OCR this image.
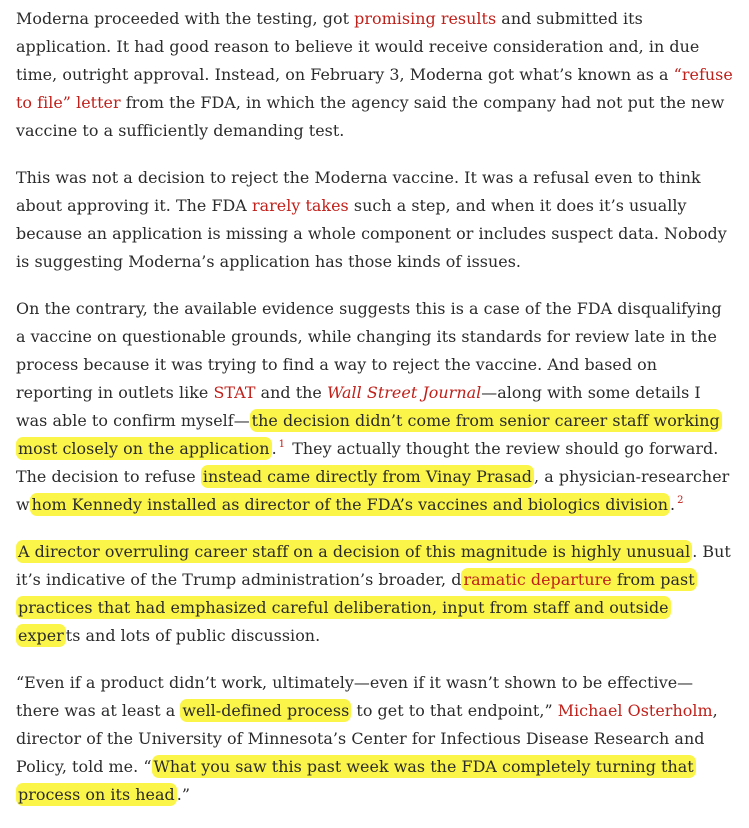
Moderna proceeded with the testing, got promising results and submitted its application. It had good reason to believe it would receive consideration and, in due time, outright approval. Instead, on February 3, Moderna got what’s known as a “refuse to file” letter from the FDA, in which the agency said the company had not put the new vaccine to a sufficiently demanding test.

This was not a decision to reject the Moderna vaccine. It was a refusal even to think about approving it. The FDA rarely takes such a step, and when it does it’s usually because an application is missing a whole component or includes suspect data. Nobody is suggesting Moderna’s application has those kinds of issues.

On the contrary, the available evidence suggests this is a case of the FDA disqualifying a vaccine on questionable grounds, while changing its standards for review late in the process because it was trying to find a way to reject the vaccine. And based on reporting in outlets like STAT and the Wall Street Journal—along with some details I was able to confirm myself— the decision didn’t come from senior career staff working most closely on the application . $^1$ They actually thought the review should go forward. The decision to refuse instead came directly from Vinay Prasad , a physician-researcher w hom Kennedy installed as director of the FDA’s vaccines and biologics division . $^2$

A director overruling career staff on a decision of this magnitude is highly unusual . But it’s indicative of the Trump administration’s broader, d ramatic departure from past practices that had emphasized careful deliberation, input from staff and outside exper ts and lots of public discussion.

“Even if a product didn’t work, ultimately—even if it wasn’t shown to be effective—there was at least a well-defined process to get to that endpoint,” Michael Osterholm, director of the University of Minnesota’s Center for Infectious Disease Research and Policy, told me. “ What you saw this past week was the FDA completely turning that process on its head .”
